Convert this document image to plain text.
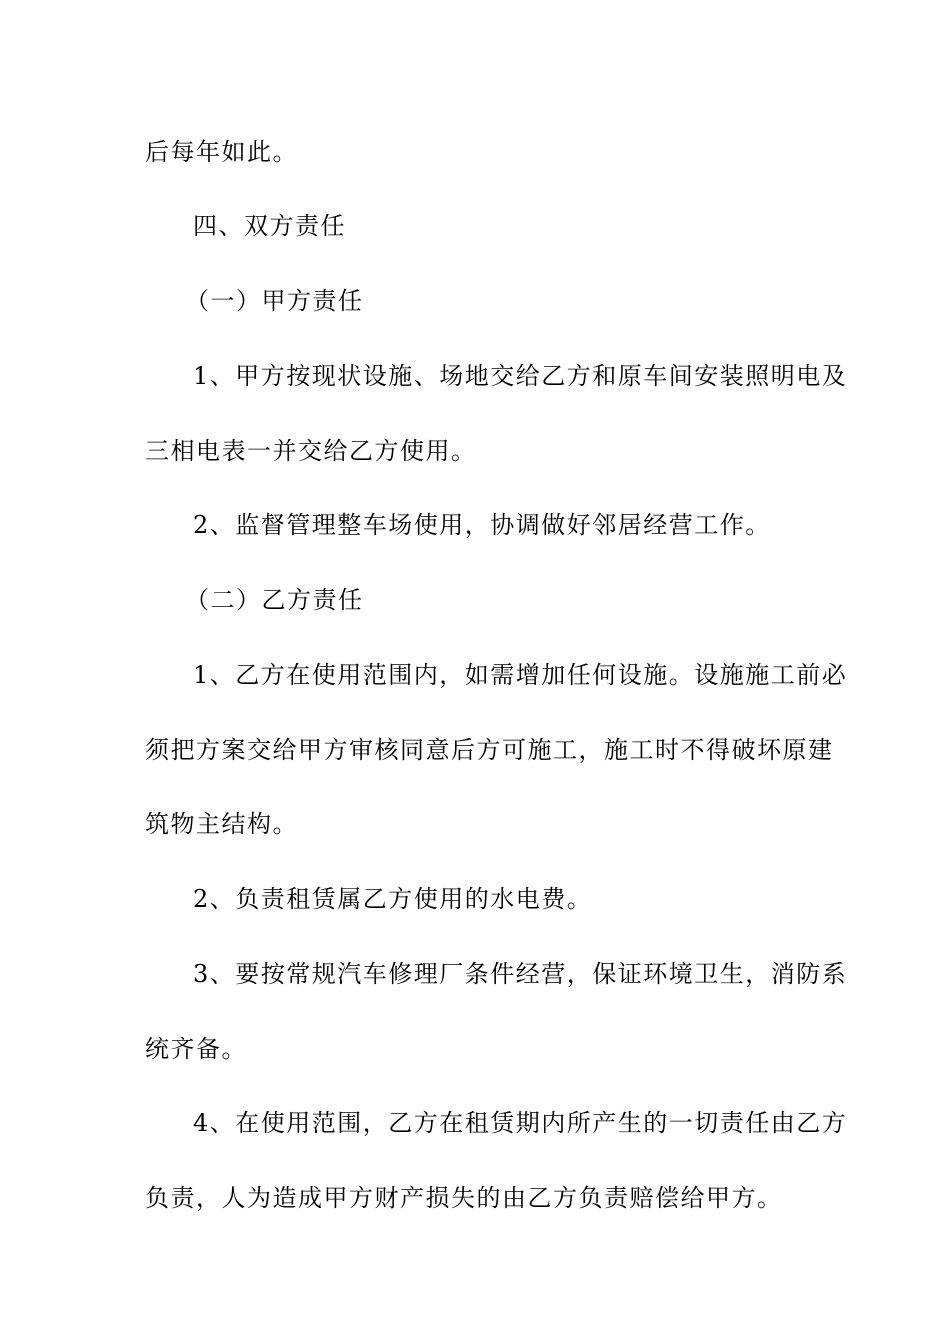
后每年如此。
四、双方责任
（一）甲方责任
1、甲方按现状设施、场地交给乙方和原车间安装照明电及
三相电表一并交给乙方使用。
2、监督管理整车场使用，协调做好邻居经营工作。
（二）乙方责任
1、乙方在使用范围内，如需增加任何设施。设施施工前必
须把方案交给甲方审核同意后方可施工，施工时不得破坏原建
筑物主结构。
2、负责租赁属乙方使用的水电费。
3、要按常规汽车修理厂条件经营，保证环境卫生，消防系
统齐备。
4、在使用范围，乙方在租赁期内所产生的一切责任由乙方
负责，人为造成甲方财产损失的由乙方负责赔偿给甲方。
